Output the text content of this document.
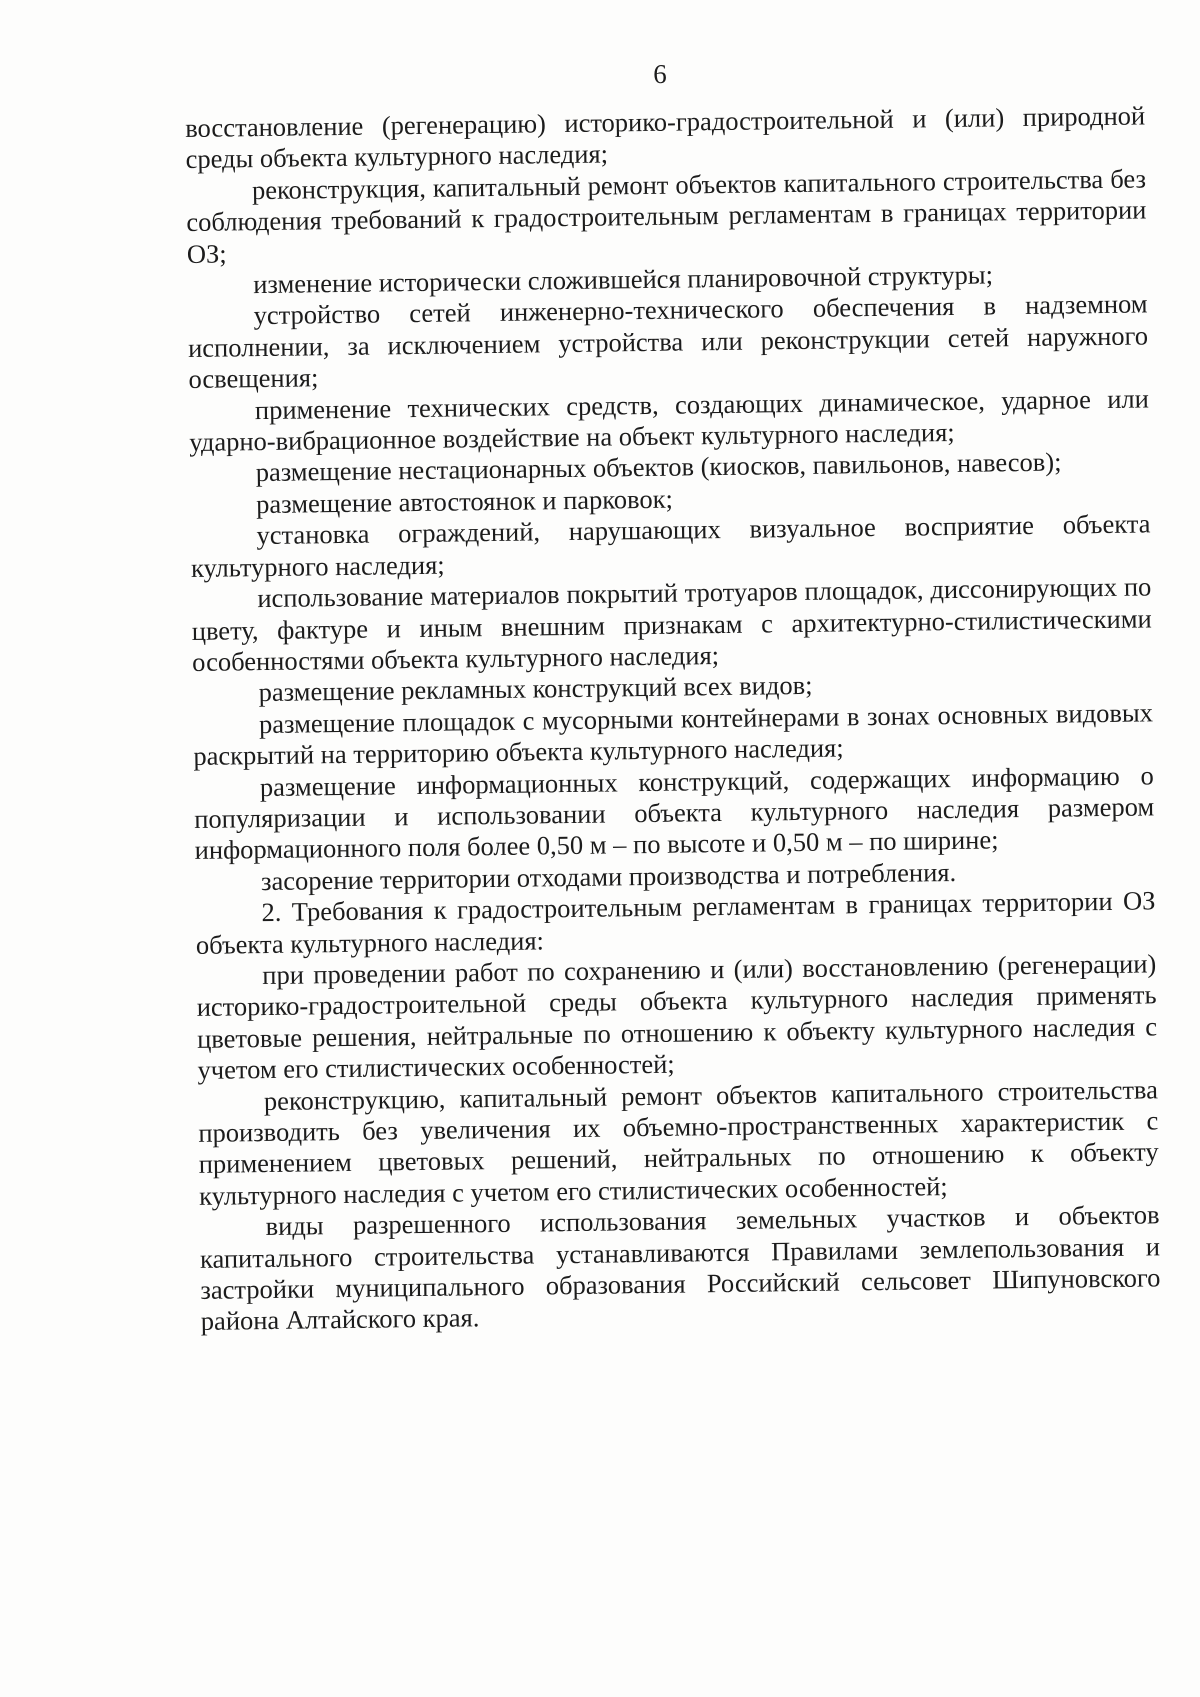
6

восстановление (регенерацию) историко-градостроительной и (или) природной среды объекта культурного наследия;

реконструкция, капитальный ремонт объектов капитального строительства без соблюдения требований к градостроительным регламентам в границах территории ОЗ;

изменение исторически сложившейся планировочной структуры;

устройство сетей инженерно-технического обеспечения в надземном исполнении, за исключением устройства или реконструкции сетей наружного освещения;

применение технических средств, создающих динамическое, ударное или ударно-вибрационное воздействие на объект культурного наследия;

размещение нестационарных объектов (киосков, павильонов, навесов);

размещение автостоянок и парковок;

установка ограждений, нарушающих визуальное восприятие объекта культурного наследия;

использование материалов покрытий тротуаров площадок, диссонирующих по цвету, фактуре и иным внешним признакам с архитектурно-стилистическими особенностями объекта культурного наследия;

размещение рекламных конструкций всех видов;

размещение площадок с мусорными контейнерами в зонах основных видовых раскрытий на территорию объекта культурного наследия;

размещение информационных конструкций, содержащих информацию о популяризации и использовании объекта культурного наследия размером информационного поля более 0,50 м – по высоте и 0,50 м – по ширине;

засорение территории отходами производства и потребления.

2. Требования к градостроительным регламентам в границах территории ОЗ объекта культурного наследия:

при проведении работ по сохранению и (или) восстановлению (регенерации) историко-градостроительной среды объекта культурного наследия применять цветовые решения, нейтральные по отношению к объекту культурного наследия с учетом его стилистических особенностей;

реконструкцию, капитальный ремонт объектов капитального строительства производить без увеличения их объемно-пространственных характеристик с применением цветовых решений, нейтральных по отношению к объекту культурного наследия с учетом его стилистических особенностей;

виды разрешенного использования земельных участков и объектов капитального строительства устанавливаются Правилами землепользования и застройки муниципального образования Российский сельсовет Шипуновского района Алтайского края.
